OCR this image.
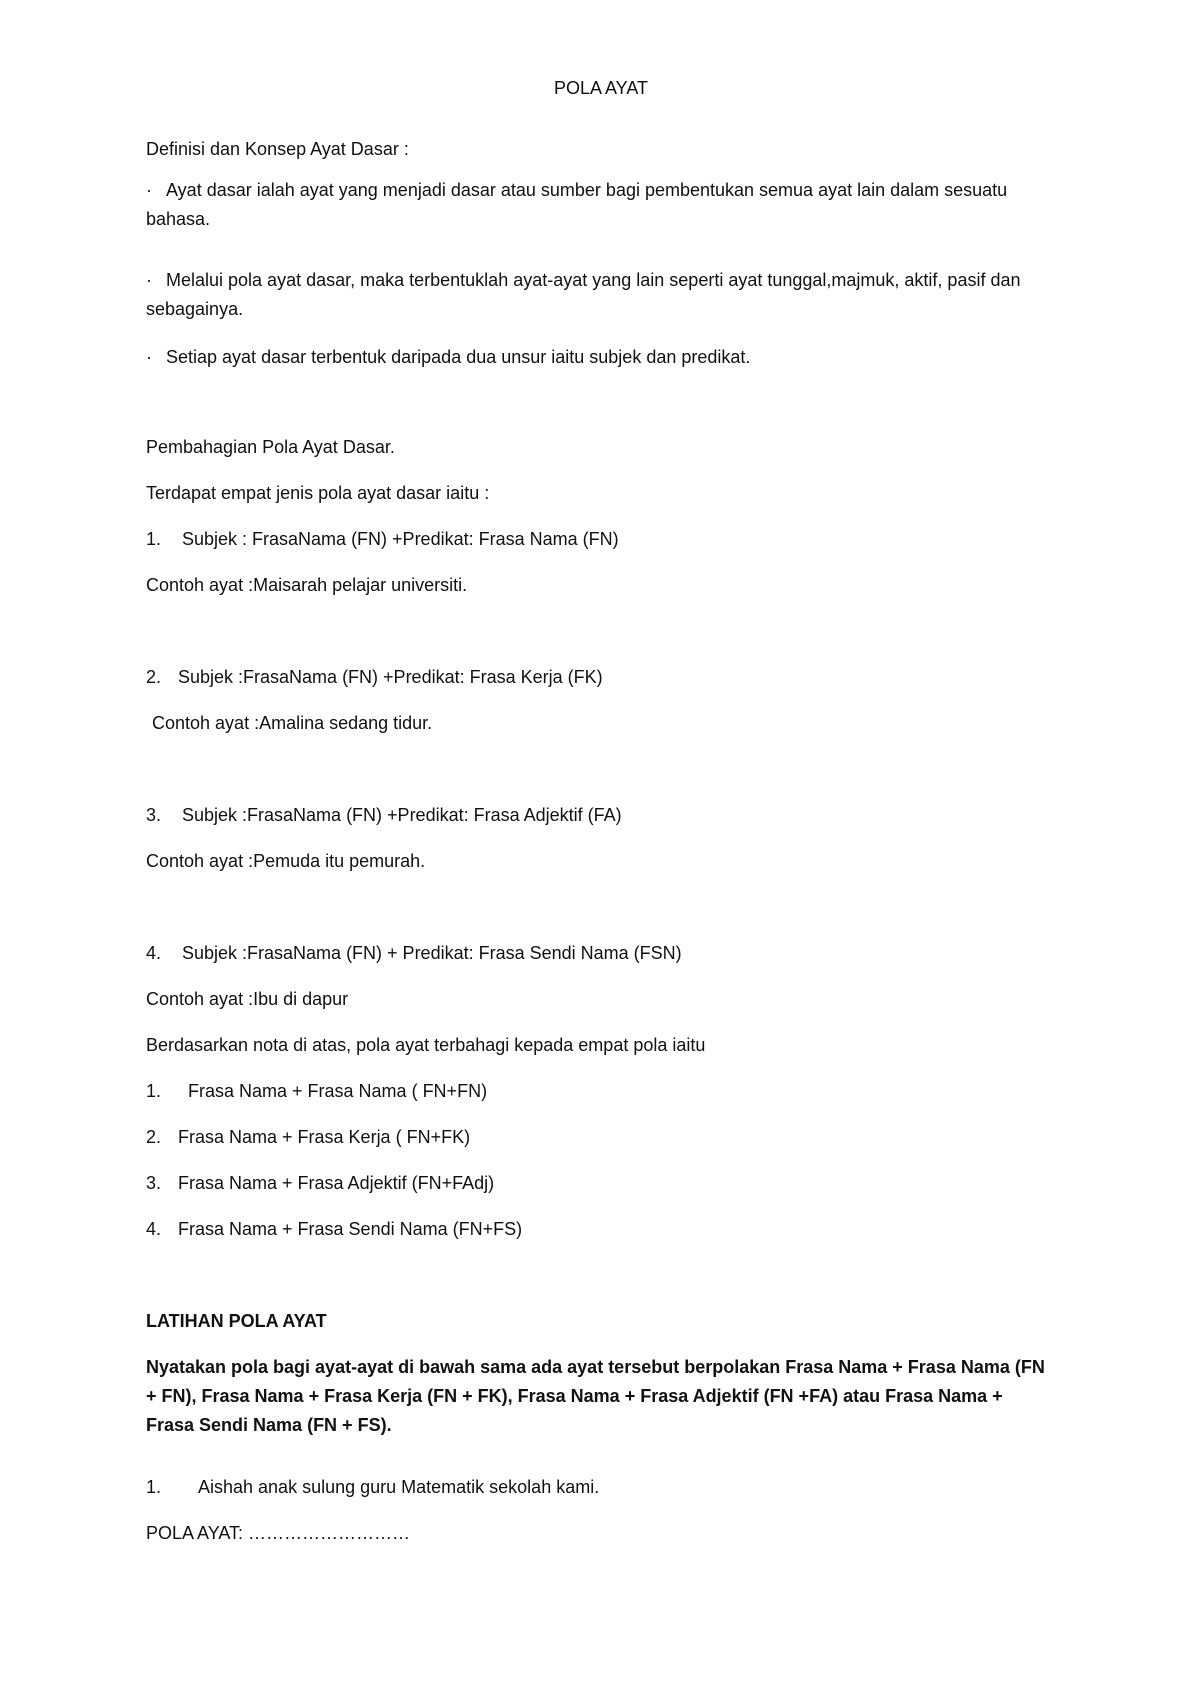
POLA AYAT

Definisi dan Konsep Ayat Dasar :

· Ayat dasar ialah ayat yang menjadi dasar atau sumber bagi pembentukan semua ayat lain dalam sesuatu bahasa.

· Melalui pola ayat dasar, maka terbentuklah ayat-ayat yang lain seperti ayat tunggal,majmuk, aktif, pasif dan sebagainya.

· Setiap ayat dasar terbentuk daripada dua unsur iaitu subjek dan predikat.

Pembahagian Pola Ayat Dasar.

Terdapat empat jenis pola ayat dasar iaitu :

1. Subjek : FrasaNama (FN) +Predikat: Frasa Nama (FN)

Contoh ayat :Maisarah pelajar universiti.

2. Subjek :FrasaNama (FN) +Predikat: Frasa Kerja (FK)

Contoh ayat :Amalina sedang tidur.

3. Subjek :FrasaNama (FN) +Predikat: Frasa Adjektif (FA)

Contoh ayat :Pemuda itu pemurah.

4. Subjek :FrasaNama (FN) + Predikat: Frasa Sendi Nama (FSN)

Contoh ayat :Ibu di dapur

Berdasarkan nota di atas, pola ayat terbahagi kepada empat pola iaitu

1. Frasa Nama + Frasa Nama ( FN+FN)

2. Frasa Nama + Frasa Kerja ( FN+FK)

3. Frasa Nama + Frasa Adjektif (FN+FAdj)

4. Frasa Nama + Frasa Sendi Nama (FN+FS)

LATIHAN POLA AYAT

Nyatakan pola bagi ayat-ayat di bawah sama ada ayat tersebut berpolakan Frasa Nama + Frasa Nama (FN + FN), Frasa Nama + Frasa Kerja (FN + FK), Frasa Nama + Frasa Adjektif (FN +FA) atau Frasa Nama + Frasa Sendi Nama (FN + FS).

1. Aishah anak sulung guru Matematik sekolah kami.

POLA AYAT: ………………………
